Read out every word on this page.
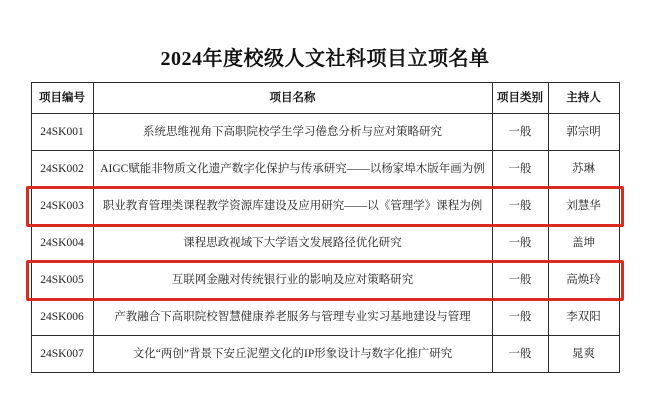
2024年度校级人文社科项目立项名单
项目编号	项目名称	项目类别	主持人
24SK001	系统思维视角下高职院校学生学习倦怠分析与应对策略研究	一般	郭宗明
24SK002	AIGC赋能非物质文化遗产数字化保护与传承研究——以杨家埠木版年画为例	一般	苏琳
24SK003	职业教育管理类课程教学资源库建设及应用研究——以《管理学》课程为例	一般	刘慧华
24SK004	课程思政视域下大学语文发展路径优化研究	一般	盖坤
24SK005	互联网金融对传统银行业的影响及应对策略研究	一般	高焕玲
24SK006	产教融合下高职院校智慧健康养老服务与管理专业实习基地建设与管理	一般	李双阳
24SK007	文化“两创”背景下安丘泥塑文化的IP形象设计与数字化推广研究	一般	晁爽
